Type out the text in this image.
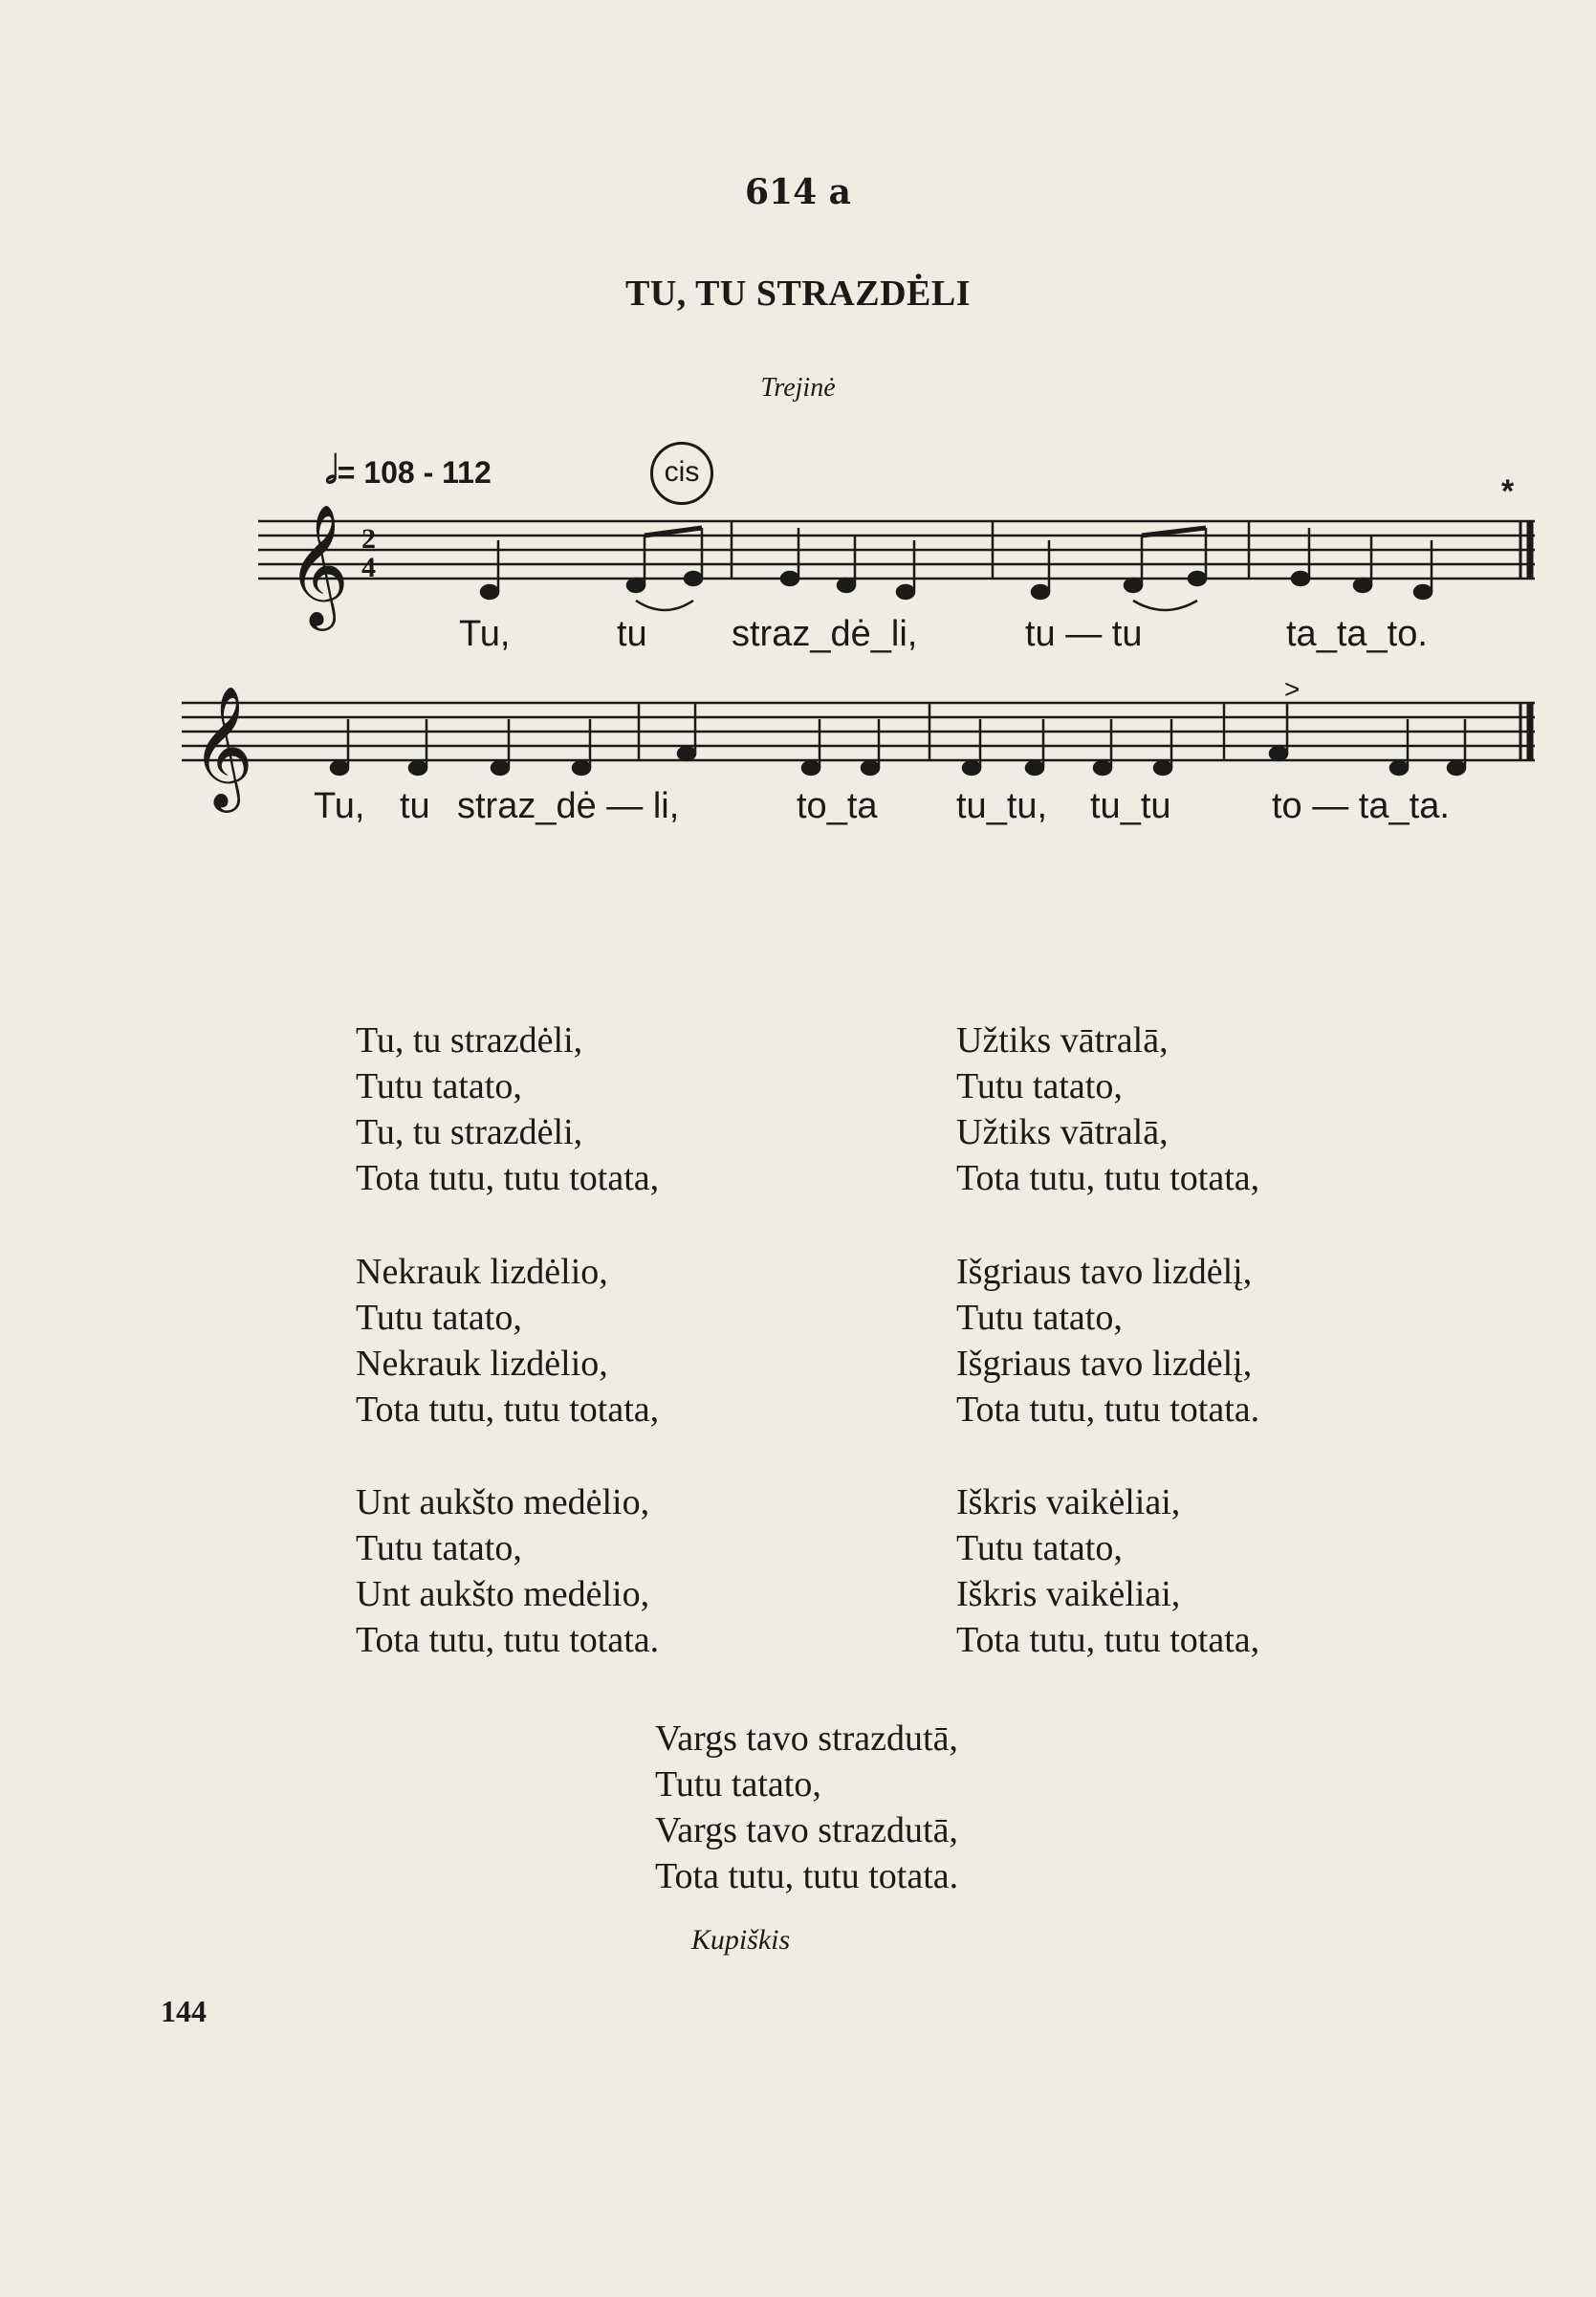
614 a
TU, TU STRAZDĖLI
Trejinė
𝅗𝅥= 108 - 112	cis
*
𝄞 2
4
𝄞	>
Tu,	tu straz_dė_li,	tu — tu	ta_ta_to.
Tu, tu straz_dė — li,	to_ta tu_tu, tu_tu	to — ta_ta.
Tu, tu strazdėli,
Tutu tatato,
Tu, tu strazdėli,
Tota tutu, tutu totata,
Nekrauk lizdėlio,
Tutu tatato,
Nekrauk lizdėlio,
Tota tutu, tutu totata,
Unt aukšto medėlio,
Tutu tatato,
Unt aukšto medėlio,
Tota tutu, tutu totata.
Užtiks vātralā,
Tutu tatato,
Užtiks vātralā,
Tota tutu, tutu totata,
Išgriaus tavo lizdėlį,
Tutu tatato,
Išgriaus tavo lizdėlį,
Tota tutu, tutu totata.
Iškris vaikėliai,
Tutu tatato,
Iškris vaikėliai,
Tota tutu, tutu totata,
Vargs tavo strazdutā,
Tutu tatato,
Vargs tavo strazdutā,
Tota tutu, tutu totata.
Kupiškis
144
